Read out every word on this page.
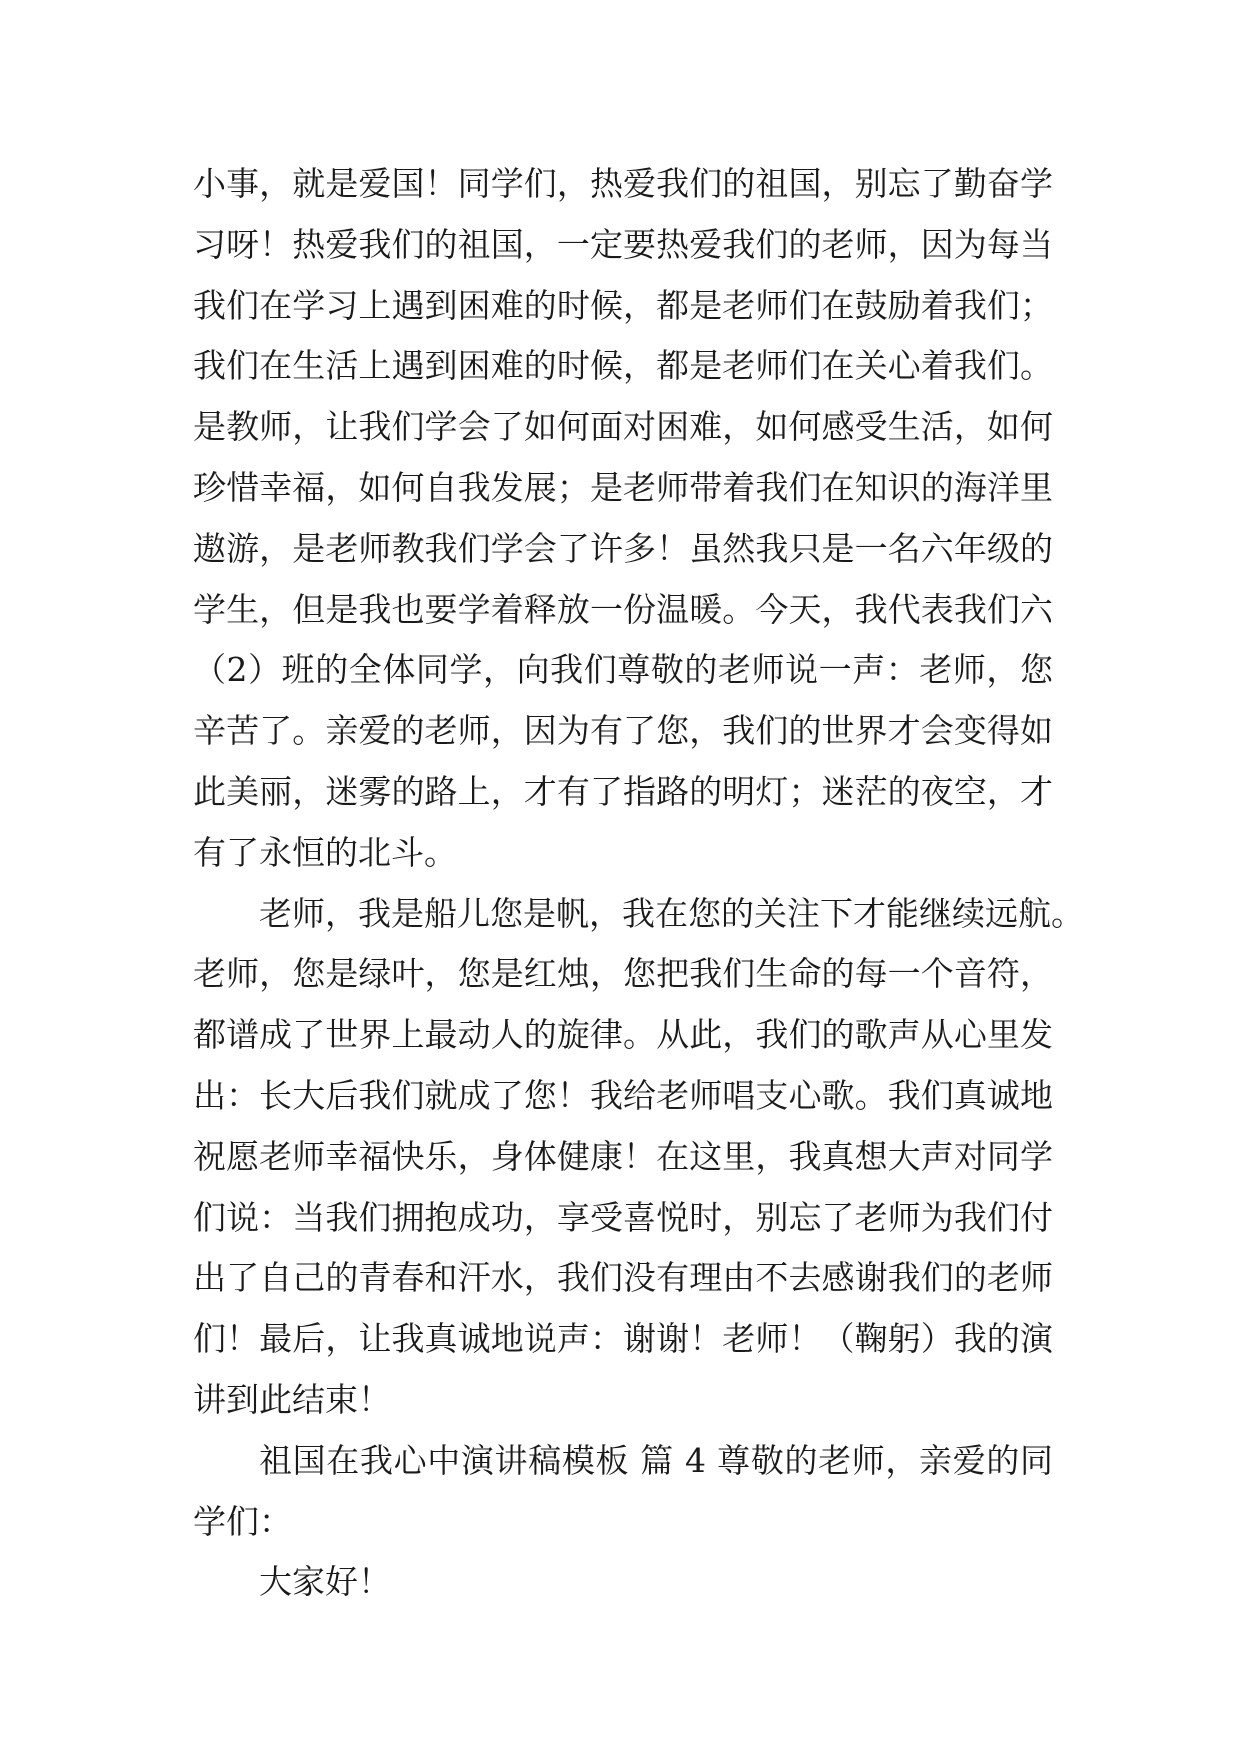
小事，就是爱国！同学们，热爱我们的祖国，别忘了勤奋学
习呀！热爱我们的祖国，一定要热爱我们的老师，因为每当
我们在学习上遇到困难的时候，都是老师们在鼓励着我们；
我们在生活上遇到困难的时候，都是老师们在关心着我们。
是教师，让我们学会了如何面对困难，如何感受生活，如何
珍惜幸福，如何自我发展；是老师带着我们在知识的海洋里
遨游，是老师教我们学会了许多！虽然我只是一名六年级的
学生，但是我也要学着释放一份温暖。今天，我代表我们六
（2）班的全体同学，向我们尊敬的老师说一声：老师，您
辛苦了。亲爱的老师，因为有了您，我们的世界才会变得如
此美丽，迷雾的路上，才有了指路的明灯；迷茫的夜空，才
有了永恒的北斗。
老师，我是船儿您是帆，我在您的关注下才能继续远航。
老师，您是绿叶，您是红烛，您把我们生命的每一个音符，
都谱成了世界上最动人的旋律。从此，我们的歌声从心里发
出：长大后我们就成了您！我给老师唱支心歌。我们真诚地
祝愿老师幸福快乐，身体健康！在这里，我真想大声对同学
们说：当我们拥抱成功，享受喜悦时，别忘了老师为我们付
出了自己的青春和汗水，我们没有理由不去感谢我们的老师
们！最后，让我真诚地说声：谢谢！老师！（鞠躬）我的演
讲到此结束！
祖国在我心中演讲稿模板 篇 4 尊敬的老师，亲爱的同
学们：
大家好！
